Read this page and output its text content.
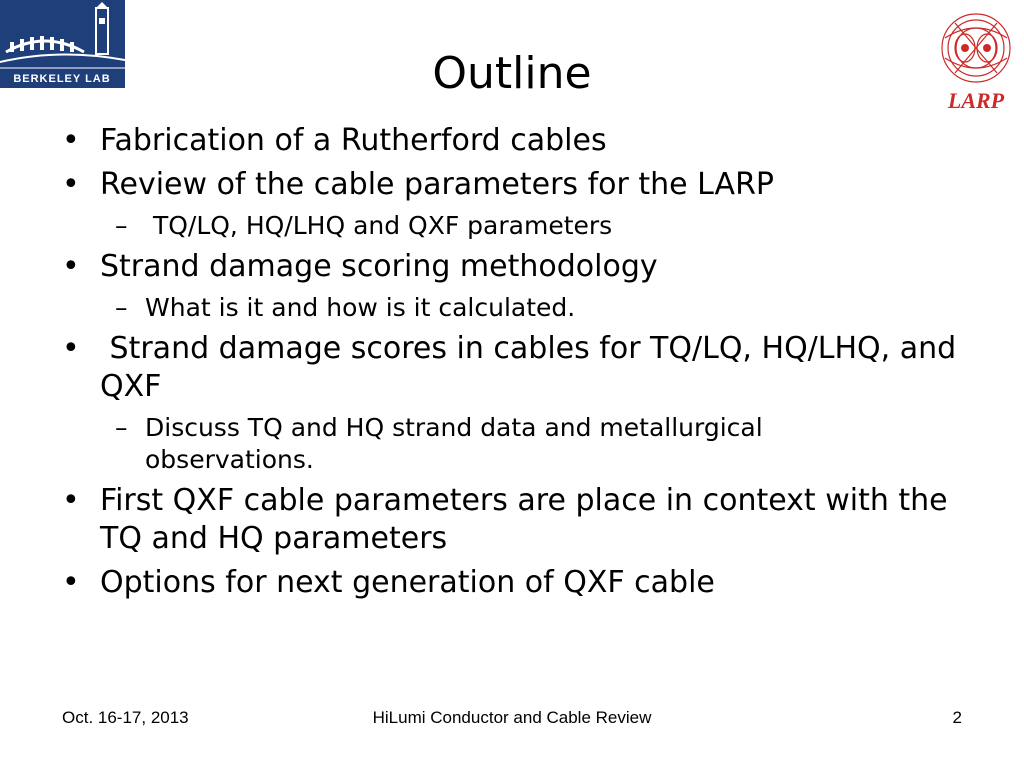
BERKELEY LAB
LARP
Outline
• Fabrication of a Rutherford cables
• Review of the cable parameters for the LARP
– TQ/LQ, HQ/LHQ and QXF parameters
• Strand damage scoring methodology
– What is it and how is it calculated.
• Strand damage scores in cables for TQ/LQ, HQ/LHQ, and QXF
– Discuss TQ and HQ strand data and metallurgical observations.
• First QXF cable parameters are place in context with the TQ and HQ parameters
• Options for next generation of QXF cable
Oct. 16-17, 2013	HiLumi Conductor and Cable Review	2
